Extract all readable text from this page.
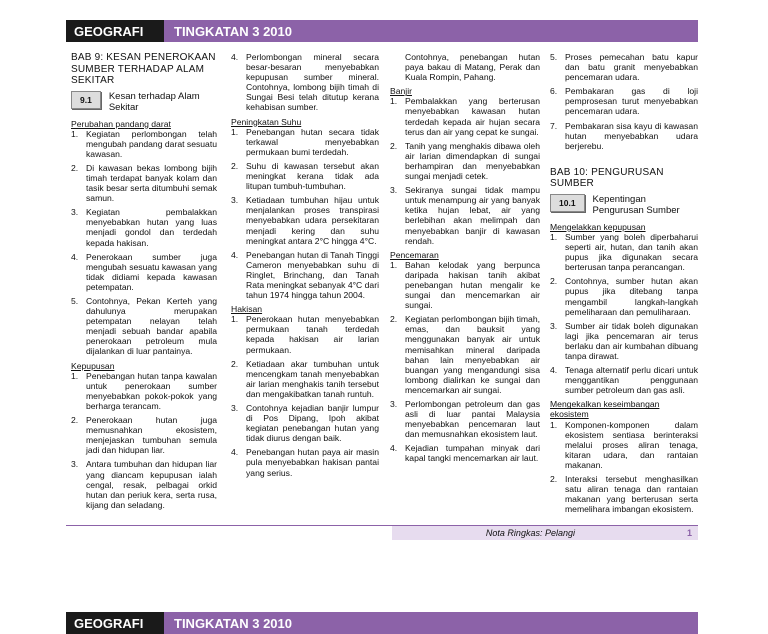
GEOGRAFI	TINGKATAN 3 2010

BAB 9: KESAN PENEROKAAN SUMBER TERHADAP ALAM SEKITAR

9.1	Kesan terhadap Alam Sekitar

Perubahan pandang darat

1. Kegiatan perlombongan telah mengubah pandang darat sesuatu kawasan.
2. Di kawasan bekas lombong bijih timah terdapat banyak kolam dan tasik besar serta ditumbuhi semak samun.
3. Kegiatan pembalakkan menyebabkan hutan yang luas menjadi gondol dan terdedah kepada hakisan.
4. Penerokaan sumber juga mengubah sesuatu kawasan yang tidak didiami kepada kawasan petempatan.
5. Contohnya, Pekan Kerteh yang dahulunya merupakan petempatan nelayan telah menjadi sebuah bandar apabila penerokaan petroleum mula dijalankan di luar pantainya.

Kepupusan

1. Penebangan hutan tanpa kawalan untuk penerokaan sumber menyebabkan pokok-pokok yang berharga terancam.
2. Penerokaan hutan juga memusnahkan ekosistem, menjejaskan tumbuhan semula jadi dan hidupan liar.
3. Antara tumbuhan dan hidupan liar yang diancam kepupusan ialah cengal, resak, pelbagai orkid hutan dan periuk kera, serta rusa, kijang dan seladang.
4. Perlombongan mineral secara besar-besaran menyebabkan kepupusan sumber mineral. Contohnya, lombong bijih timah di Sungai Besi telah ditutup kerana kehabisan sumber.

Peningkatan Suhu

1. Penebangan hutan secara tidak terkawal menyebabkan permukaan bumi terdedah.
2. Suhu di kawasan tersebut akan meningkat kerana tidak ada litupan tumbuh-tumbuhan.
3. Ketiadaan tumbuhan hijau untuk menjalankan proses transpirasi menyebabkan udara persekitaran menjadi kering dan suhu meningkat antara 2°C hingga 4°C.
4. Penebangan hutan di Tanah Tinggi Cameron menyebabkan suhu di Ringlet, Brinchang, dan Tanah Rata meningkat sebanyak 4°C dari tahun 1974 hingga tahun 2004.

Hakisan

1. Penerokaan hutan menyebabkan permukaan tanah terdedah kepada hakisan air larian permukaan.
2. Ketiadaan akar tumbuhan untuk mencengkam tanah menyebabkan air larian menghakis tanih tersebut dan mengakibatkan tanah runtuh.
3. Contohnya kejadian banjir lumpur di Pos Dipang, Ipoh akibat kegiatan penebangan hutan yang tidak diurus dengan baik.
4. Penebangan hutan paya air masin pula menyebabkan hakisan pantai yang serius.

Contohnya, penebangan hutan paya bakau di Matang, Perak dan Kuala Rompin, Pahang.

Banjir

1. Pembalakkan yang berterusan menyebabkan kawasan hutan terdedah kepada air hujan secara terus dan air yang cepat ke sungai.
2. Tanih yang menghakis dibawa oleh air larian dimendapkan di sungai berhampiran dan menyebabkan sungai menjadi cetek.
3. Sekiranya sungai tidak mampu untuk menampung air yang banyak ketika hujan lebat, air yang berlebihan akan melimpah dan menyebabkan banjir di kawasan rendah.

Pencemaran

1. Bahan kelodak yang berpunca daripada hakisan tanih akibat penebangan hutan mengalir ke sungai dan mencemarkan air sungai.
2. Kegiatan perlombongan bijih timah, emas, dan bauksit yang menggunakan banyak air untuk memisahkan mineral daripada bahan lain menyebabkan air buangan yang mengandungi sisa lombong dialirkan ke sungai dan mencemarkan air sungai.
3. Perlombongan petroleum dan gas asli di luar pantai Malaysia menyebabkan pencemaran laut dan memusnahkan ekosistem laut.
4. Kejadian tumpahan minyak dari kapal tangki mencemarkan air laut.
5. Proses pemecahan batu kapur dan batu granit menyebabkan pencemaran udara.
6. Pembakaran gas di loji pemprosesan turut menyebabkan pencemaran udara.
7. Pembakaran sisa kayu di kawasan hutan menyebabkan udara berjerebu.

BAB 10: PENGURUSAN SUMBER

10.1	Kepentingan Pengurusan Sumber

Mengelakkan kepupusan

1. Sumber yang boleh diperbaharui seperti air, hutan, dan tanih akan pupus jika digunakan secara berterusan tanpa perancangan.
2. Contohnya, sumber hutan akan pupus jika ditebang tanpa mengambil langkah-langkah pemeliharaan dan pemuliharaan.
3. Sumber air tidak boleh digunakan lagi jika pencemaran air terus berlaku dan air kumbahan dibuang tanpa dirawat.
4. Tenaga alternatif perlu dicari untuk menggantikan penggunaan sumber petroleum dan gas asli.

Mengekalkan keseimbangan ekosistem

1. Komponen-komponen dalam ekosistem sentiasa berinteraksi melalui proses aliran tenaga, kitaran udara, dan rantaian makanan.
2. Interaksi tersebut menghasilkan satu aliran tenaga dan rantaian makanan yang berterusan serta memelihara imbangan ekosistem.
Nota Ringkas: Pelangi	1
GEOGRAFI	TINGKATAN 3 2010
